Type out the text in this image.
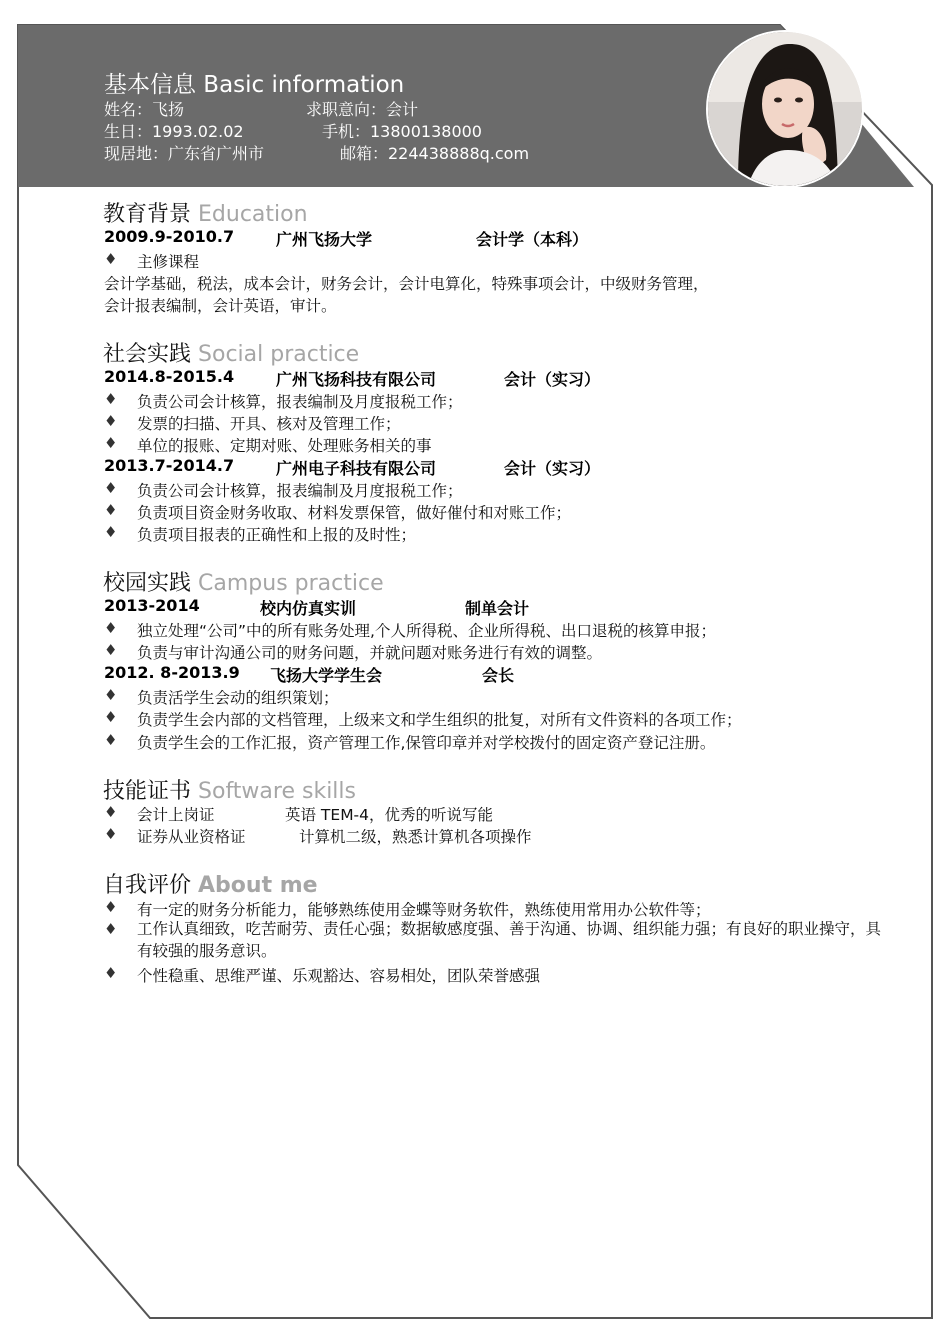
基本信息 Basic information
姓名：飞扬	求职意向：会计
生日：1993.02.02	手机：13800138000
现居地：广东省广州市	邮箱：224438888q.com
教育背景 Education
2009.9-2010.7	广州飞扬大学	会计学（本科）
♦ 主修课程
会计学基础，税法，成本会计，财务会计，会计电算化，特殊事项会计，中级财务管理，
会计报表编制，会计英语，审计。
社会实践 Social practice
2014.8-2015.4	广州飞扬科技有限公司	会计（实习）
♦ 负责公司会计核算，报表编制及月度报税工作；
♦ 发票的扫描、开具、核对及管理工作；
♦ 单位的报账、定期对账、处理账务相关的事
2013.7-2014.7	广州电子科技有限公司	会计（实习）
♦ 负责公司会计核算，报表编制及月度报税工作；
♦ 负责项目资金财务收取、材料发票保管，做好催付和对账工作；
♦ 负责项目报表的正确性和上报的及时性；
校园实践 Campus practice
2013-2014	校内仿真实训	制单会计
♦ 独立处理“公司”中的所有账务处理,个人所得税、企业所得税、出口退税的核算申报；
♦ 负责与审计沟通公司的财务问题，并就问题对账务进行有效的调整。
2012. 8-2013.9 飞扬大学学生会	会长
♦ 负责活学生会动的组织策划；
♦ 负责学生会内部的文档管理，上级来文和学生组织的批复，对所有文件资料的各项工作；
♦ 负责学生会的工作汇报，资产管理工作,保管印章并对学校拨付的固定资产登记注册。
技能证书 Software skills
♦ 会计上岗证	英语 TEM-4，优秀的听说写能
♦ 证券从业资格证	计算机二级，熟悉计算机各项操作
自我评价 About me
♦ 有一定的财务分析能力，能够熟练使用金蝶等财务软件，熟练使用常用办公软件等；
♦ 工作认真细致，吃苦耐劳、责任心强；数据敏感度强、善于沟通、协调、组织能力强；有良好的职业操守，具有较强的服务意识。
♦ 个性稳重、思维严谨、乐观豁达、容易相处，团队荣誉感强
